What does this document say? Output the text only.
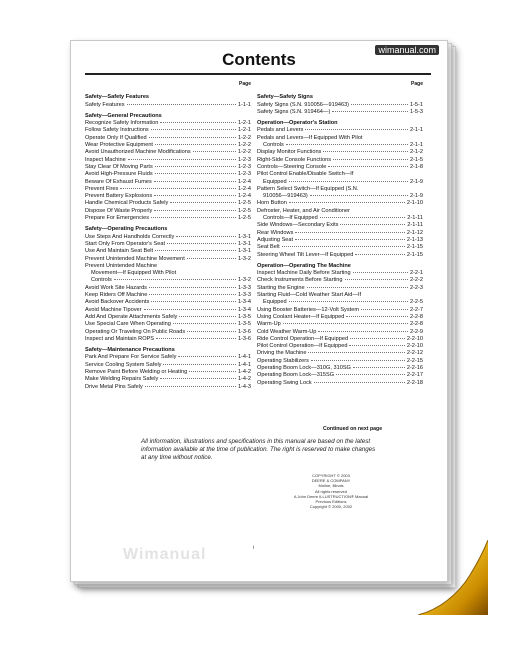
wimanual.com
Contents
Page
Safety—Safety Features
Safety Features	1-1-1
Safety—General Precautions
Recognize Safety Information	1-2-1
Follow Safety Instructions	1-2-1
Operate Only If Qualified	1-2-2
Wear Protective Equipment	1-2-2
Avoid Unauthorized Machine Modifications	1-2-2
Inspect Machine	1-2-3
Stay Clear Of Moving Parts	1-2-3
Avoid High-Pressure Fluids	1-2-3
Beware Of Exhaust Fumes	1-2-4
Prevent Fires	1-2-4
Prevent Battery Explosions	1-2-4
Handle Chemical Products Safely	1-2-5
Dispose Of Waste Properly	1-2-5
Prepare For Emergencies	1-2-5
Safety—Operating Precautions
Use Steps And Handholds Correctly	1-3-1
Start Only From Operator's Seat	1-3-1
Use And Maintain Seat Belt	1-3-1
Prevent Unintended Machine Movement	1-3-2
Prevent Unintended Machine
Movement—If Equipped With Pilot
Controls	1-3-2
Avoid Work Site Hazards	1-3-3
Keep Riders Off Machine	1-3-3
Avoid Backover Accidents	1-3-4
Avoid Machine Tipover	1-3-4
Add And Operate Attachments Safely	1-3-5
Use Special Care When Operating	1-3-5
Operating Or Traveling On Public Roads	1-3-6
Inspect and Maintain ROPS	1-3-6
Safety—Maintenance Precautions
Park And Prepare For Service Safely	1-4-1
Service Cooling System Safely	1-4-1
Remove Paint Before Welding or Heating	1-4-2
Make Welding Repairs Safely	1-4-2
Drive Metal Pins Safely	1-4-3
Page
Safety—Safety Signs
Safety Signs (S.N. 910056—919463)	1-5-1
Safety Signs (S.N. 919464—)	1-5-3
Operation—Operator's Station
Pedals and Levers	2-1-1
Pedals and Levers—If Equipped With Pilot
Controls	2-1-1
Display Monitor Functions	2-1-2
Right-Side Console Functions	2-1-5
Controls—Steering Console	2-1-8
Pilot Control Enable/Disable Switch—If
Equipped	2-1-9
Pattern Select Switch—If Equipped (S.N.
910056—919463)	2-1-9
Horn Button	2-1-10
Defroster, Heater, and Air Conditioner
Controls—If Equipped	2-1-11
Side Windows—Secondary Exits	2-1-11
Rear Windows	2-1-12
Adjusting Seat	2-1-13
Seat Belt	2-1-15
Steering Wheel Tilt Lever—If Equipped	2-1-15
Operation—Operating The Machine
Inspect Machine Daily Before Starting	2-2-1
Check Instruments Before Starting	2-2-2
Starting the Engine	2-2-3
Starting Fluid—Cold Weather Start Aid—If
Equipped	2-2-5
Using Booster Batteries—12-Volt System	2-2-7
Using Coolant Heater—If Equipped	2-2-8
Warm-Up	2-2-8
Cold Weather Warm-Up	2-2-9
Ride Control Operation—If Equipped	2-2-10
Pilot Control Operation—If Equipped	2-2-10
Driving the Machine	2-2-12
Operating Stabilizers	2-2-15
Operating Boom Lock—310G, 310SG	2-2-16
Operating Boom Lock—315SG	2-2-17
Operating Swing Lock	2-2-18
Continued on next page
All information, illustrations and specifications in this manual are based on the latest information available at the time of publication. The right is reserved to make changes at any time without notice.
COPYRIGHT © 2003
DEERE & COMPANY
Moline, Illinois
All rights reserved
A John Deere ILLUSTRUCTION® Manual
Previous Editions
Copyright © 2000, 2002
Wimanual	i
